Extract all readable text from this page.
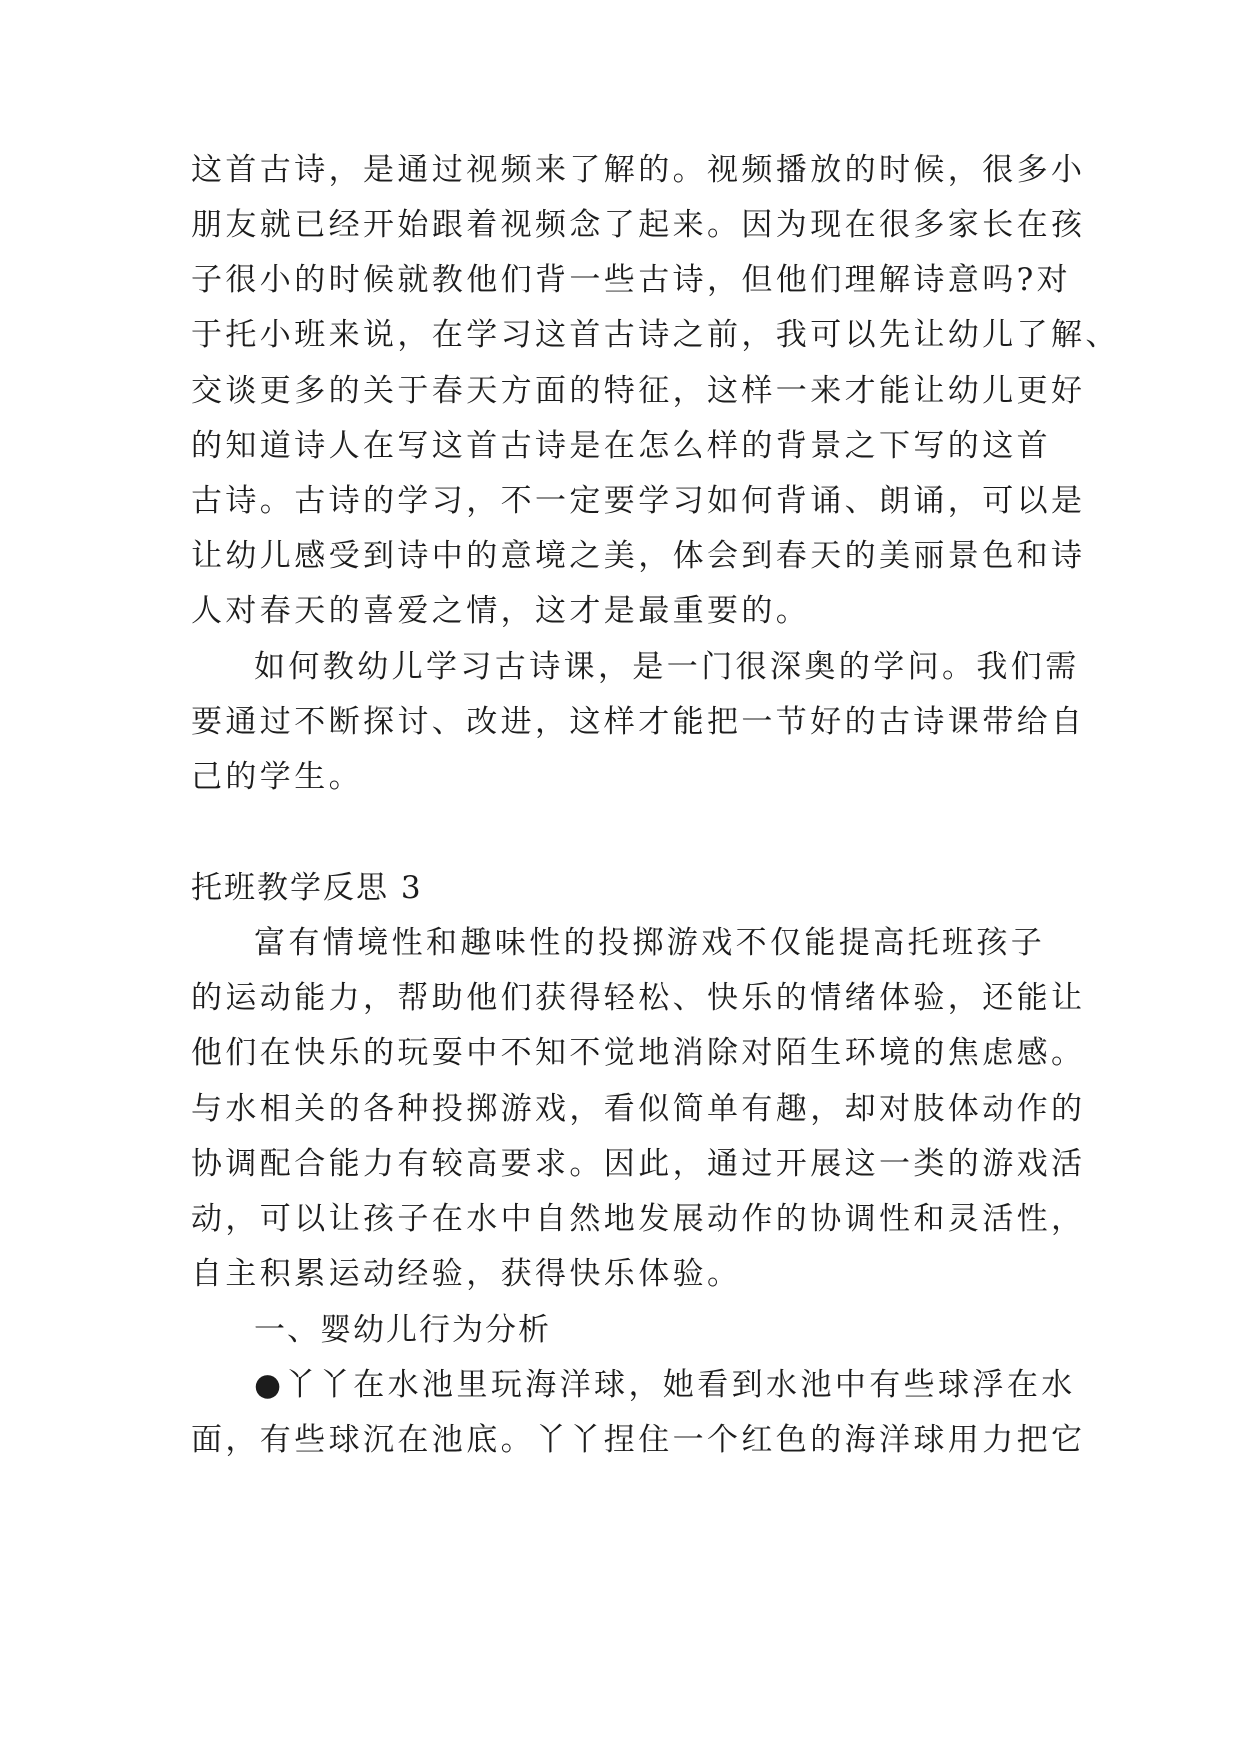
这首古诗，是通过视频来了解的。视频播放的时候，很多小
朋友就已经开始跟着视频念了起来。因为现在很多家长在孩
子很小的时候就教他们背一些古诗，但他们理解诗意吗?对
于托小班来说，在学习这首古诗之前，我可以先让幼儿了解、
交谈更多的关于春天方面的特征，这样一来才能让幼儿更好
的知道诗人在写这首古诗是在怎么样的背景之下写的这首
古诗。古诗的学习，不一定要学习如何背诵、朗诵，可以是
让幼儿感受到诗中的意境之美，体会到春天的美丽景色和诗
人对春天的喜爱之情，这才是最重要的。
如何教幼儿学习古诗课，是一门很深奥的学问。我们需
要通过不断探讨、改进，这样才能把一节好的古诗课带给自
己的学生。
托班教学反思 3
富有情境性和趣味性的投掷游戏不仅能提高托班孩子
的运动能力，帮助他们获得轻松、快乐的情绪体验，还能让
他们在快乐的玩耍中不知不觉地消除对陌生环境的焦虑感。
与水相关的各种投掷游戏，看似简单有趣，却对肢体动作的
协调配合能力有较高要求。因此，通过开展这一类的游戏活
动，可以让孩子在水中自然地发展动作的协调性和灵活性，
自主积累运动经验，获得快乐体验。
一、婴幼儿行为分析
●丫丫在水池里玩海洋球，她看到水池中有些球浮在水
面，有些球沉在池底。丫丫捏住一个红色的海洋球用力把它
